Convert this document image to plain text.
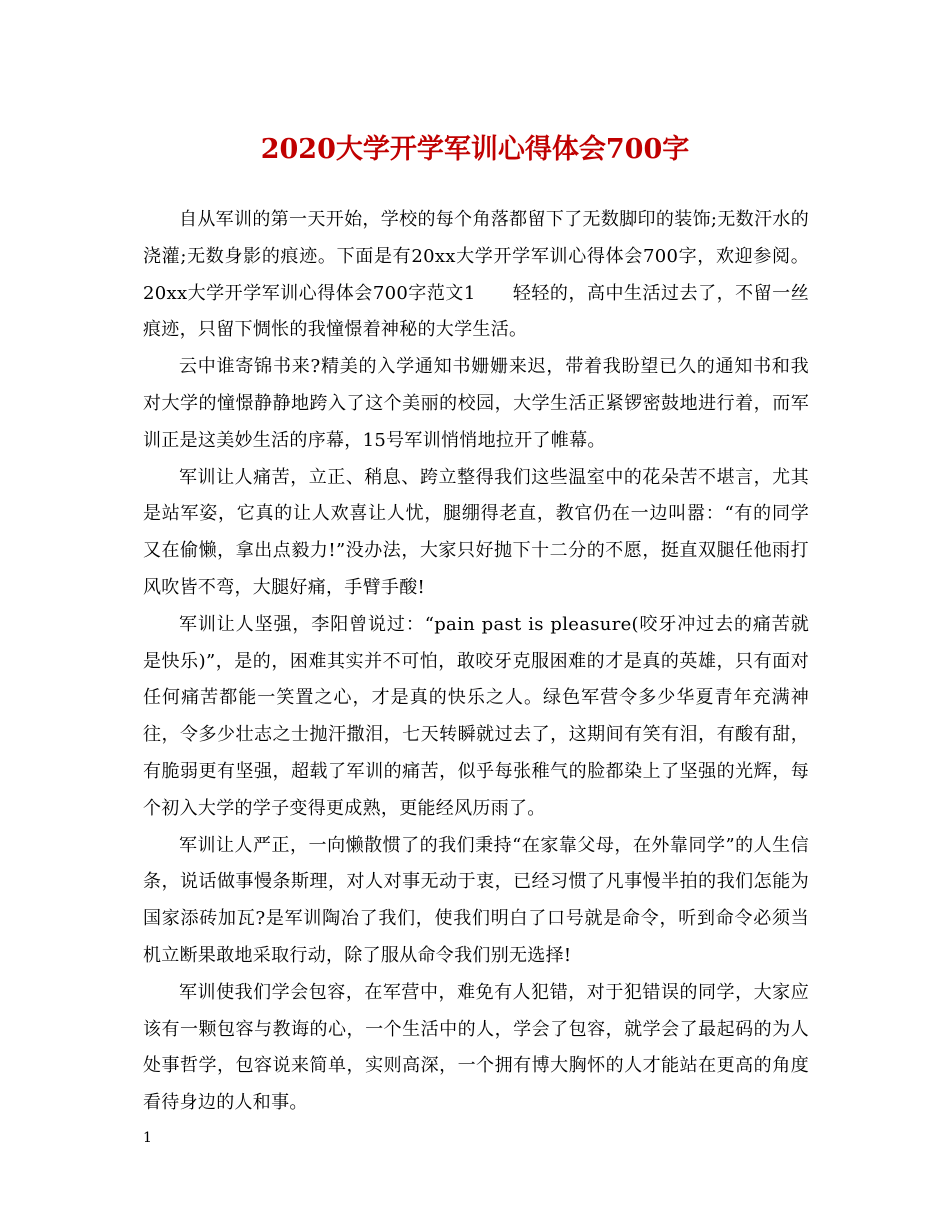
2020大学开学军训心得体会700字

自从军训的第一天开始，学校的每个角落都留下了无数脚印的装饰;无数汗水的浇灌;无数身影的痕迹。下面是有20xx大学开学军训心得体会700字，欢迎参阅。20xx大学开学军训心得体会700字范文1　　轻轻的，高中生活过去了，不留一丝痕迹，只留下惆怅的我憧憬着神秘的大学生活。

云中谁寄锦书来?精美的入学通知书姗姗来迟，带着我盼望已久的通知书和我对大学的憧憬静静地跨入了这个美丽的校园，大学生活正紧锣密鼓地进行着，而军训正是这美妙生活的序幕，15号军训悄悄地拉开了帷幕。

军训让人痛苦，立正、稍息、跨立整得我们这些温室中的花朵苦不堪言，尤其是站军姿，它真的让人欢喜让人忧，腿绷得老直，教官仍在一边叫嚣：“有的同学又在偷懒，拿出点毅力!”没办法，大家只好抛下十二分的不愿，挺直双腿任他雨打风吹皆不弯，大腿好痛，手臂手酸!

军训让人坚强，李阳曾说过：“pain past is pleasure(咬牙冲过去的痛苦就是快乐)”，是的，困难其实并不可怕，敢咬牙克服困难的才是真的英雄，只有面对任何痛苦都能一笑置之心，才是真的快乐之人。绿色军营令多少华夏青年充满神往，令多少壮志之士抛汗撒泪，七天转瞬就过去了，这期间有笑有泪，有酸有甜，有脆弱更有坚强，超载了军训的痛苦，似乎每张稚气的脸都染上了坚强的光辉，每个初入大学的学子变得更成熟，更能经风历雨了。

军训让人严正，一向懒散惯了的我们秉持“在家靠父母，在外靠同学”的人生信条，说话做事慢条斯理，对人对事无动于衷，已经习惯了凡事慢半拍的我们怎能为国家添砖加瓦?是军训陶冶了我们，使我们明白了口号就是命令，听到命令必须当机立断果敢地采取行动，除了服从命令我们别无选择!

军训使我们学会包容，在军营中，难免有人犯错，对于犯错误的同学，大家应该有一颗包容与教诲的心，一个生活中的人，学会了包容，就学会了最起码的为人处事哲学，包容说来简单，实则高深，一个拥有博大胸怀的人才能站在更高的角度看待身边的人和事。

1
